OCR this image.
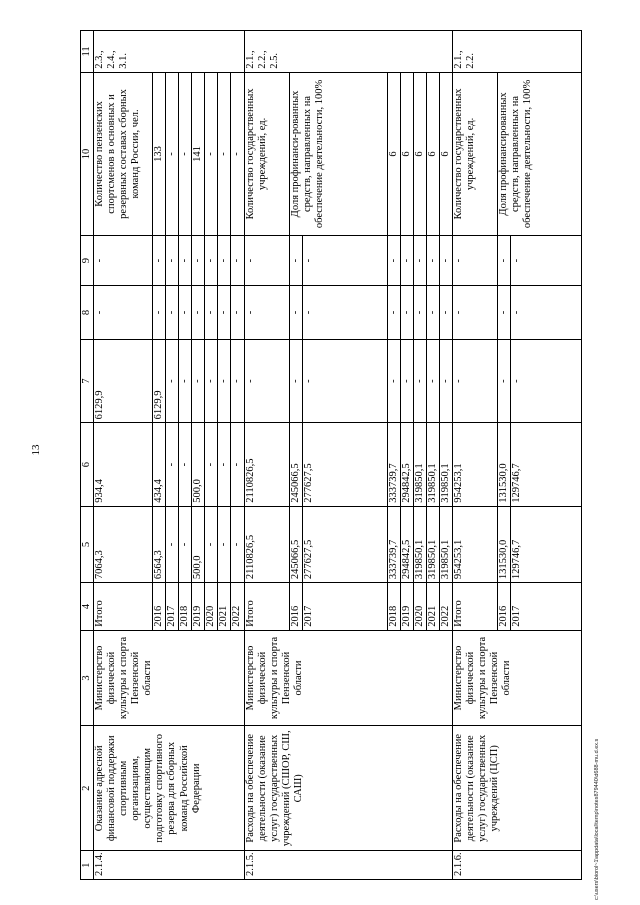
13
1	2	3	4	5	6	7	8	9	10	11
2.1.4.	Оказание адресной финансовой поддержки спортивным организациям, осуществляющим подготовку спортивного резерва для сборных команд Российской Федерации	Министерство физической культуры и спорта Пензенской области	Итого	7064,3	934,4	6129,9	-	-	Количество пензенских спортсменов в основных и резервных составах сборных команд России, чел.	2.3., 2.4., 3.1.
			2016	6564,3	434,4	6129,9	-	-	133	
			2017	-	-	-	-	-	-	
			2018	-	-	-	-	-	-	
			2019	500,0	500,0	-	-	-	141	
			2020	-	-	-	-	-	-	
			2021	-	-	-	-	-	-	
			2022	-	-	-	-	-	-	
2.1.5.	Расходы на обеспечение деятельности (оказание услуг) государственных учреждений (СШОР, СШ, САШ)	Министерство физической культуры и спорта Пензенской области	Итого	2110826,5	2110826,5	-	-	-	Количество государственных учреждений, ед.	2.1., 2.2., 2.5.
			2016	245066,5	245066,5	-	-	-	Доля профинанси-рованных средств, направленных на обеспечение деятельности, 100%	
			2017	277627,5	277627,5	-	-	-		
			2018	333739,7	333739,7	-	-	-	6	
			2019	294842,5	294842,5	-	-	-	6	
			2020	319850,1	319850,1	-	-	-	6	
			2021	319850,1	319850,1	-	-	-	6	
			2022	319850,1	319850,1	-	-	-	6	
2.1.6.	Расходы на обеспечение деятельности (оказание услуг) государственных учреждений (ЦСП)	Министерство физической культуры и спорта Пензенской области	Итого	954253,1	954253,1	-	-	-	Количество государственных учреждений, ед.	2.1., 2.2.
			2016	131530,0	131530,0	-	-	-	Доля профинансированных средств, направленных на обеспечение деятельности, 100%	
			2017	129746,7	129746,7	-	-	-		
c:\users\biorol~1\appdata\local\temp\notes879440\d688-mu.d.ex.s
